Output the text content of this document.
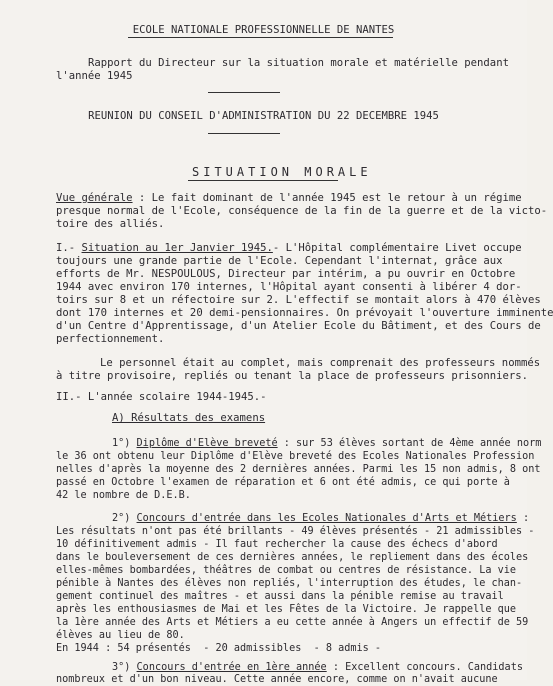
ECOLE NATIONALE PROFESSIONNELLE DE NANTES
Rapport du Directeur sur la situation morale et matérielle pendant
l'année 1945
REUNION DU CONSEIL D'ADMINISTRATION DU 22 DECEMBRE 1945
SITUATION MORALE
Vue générale : Le fait dominant de l'année 1945 est le retour à un régime
presque normal de l'Ecole, conséquence de la fin de la guerre et de la victo-
toire des alliés.
I.- Situation au 1er Janvier 1945.- L'Hôpital complémentaire Livet occupe
toujours une grande partie de l'Ecole. Cependant l'internat, grâce aux
efforts de Mr. NESPOULOUS, Directeur par intérim, a pu ouvrir en Octobre
1944 avec environ 170 internes, l'Hôpital ayant consenti à libérer 4 dor-
toirs sur 8 et un réfectoire sur 2. L'effectif se montait alors à 470 élèves
dont 170 internes et 20 demi-pensionnaires. On prévoyait l'ouverture imminente
d'un Centre d'Apprentissage, d'un Atelier Ecole du Bâtiment, et des Cours de
perfectionnement.
Le personnel était au complet, mais comprenait des professeurs nommés
à titre provisoire, repliés ou tenant la place de professeurs prisonniers.
II.- L'année scolaire 1944-1945.-
A) Résultats des examens
1°) Diplôme d'Elève breveté : sur 53 élèves sortant de 4ème année norm
le 36 ont obtenu leur Diplôme d'Elève breveté des Ecoles Nationales Profession
nelles d'après la moyenne des 2 dernières années. Parmi les 15 non admis, 8 ont
passé en Octobre l'examen de réparation et 6 ont été admis, ce qui porte à
42 le nombre de D.E.B.
2°) Concours d'entrée dans les Ecoles Nationales d'Arts et Métiers :
Les résultats n'ont pas été brillants - 49 élèves présentés - 21 admissibles -
10 définitivement admis - Il faut rechercher la cause des échecs d'abord
dans le bouleversement de ces dernières années, le repliement dans des écoles
elles-mêmes bombardées, théâtres de combat ou centres de résistance. La vie
pénible à Nantes des élèves non repliés, l'interruption des études, le chan-
gement continuel des maîtres - et aussi dans la pénible remise au travail
après les enthousiasmes de Mai et les Fêtes de la Victoire. Je rappelle que
la 1ère année des Arts et Métiers a eu cette année à Angers un effectif de 59
élèves au lieu de 80.
En 1944 : 54 présentés  - 20 admissibles  - 8 admis -
3°) Concours d'entrée en 1ère année : Excellent concours. Candidats
nombreux et d'un bon niveau. Cette année encore, comme on n'avait aucune
